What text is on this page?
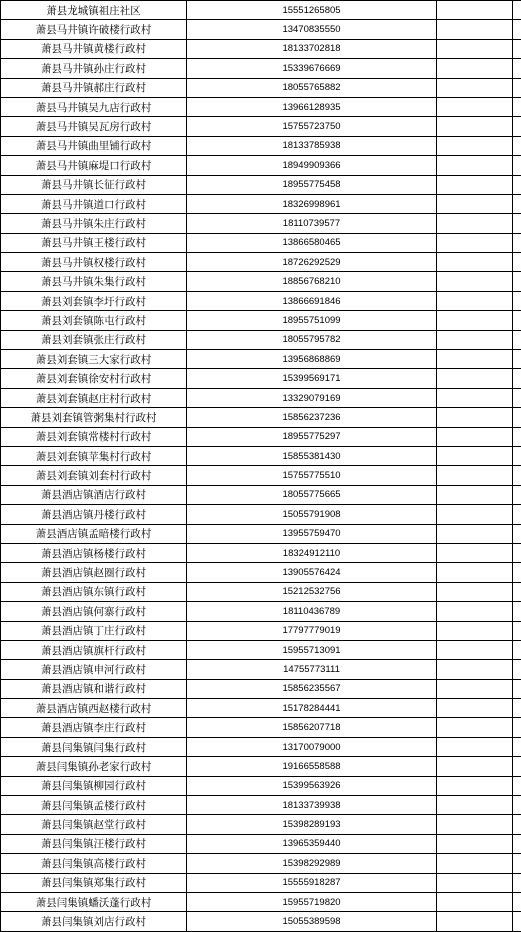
萧县龙城镇祖庄社区	15551265805		
萧县马井镇许破楼行政村	13470835550		
萧县马井镇黄楼行政村	18133702818		
萧县马井镇孙庄行政村	15339676669		
萧县马井镇郝庄行政村	18055765882		
萧县马井镇吴九店行政村	13966128935		
萧县马井镇吴瓦房行政村	15755723750		
萧县马井镇曲里铺行政村	18133785938		
萧县马井镇麻堤口行政村	18949909366		
萧县马井镇长征行政村	18955775458		
萧县马井镇道口行政村	18326998961		
萧县马井镇朱庄行政村	18110739577		
萧县马井镇王楼行政村	13866580465		
萧县马井镇权楼行政村	18726292529		
萧县马井镇朱集行政村	18856768210		
萧县刘套镇李圩行政村	13866691846		
萧县刘套镇陈屯行政村	18955751099		
萧县刘套镇张庄行政村	18055795782		
萧县刘套镇三大家行政村	13956868869		
萧县刘套镇徐安村行政村	15399569171		
萧县刘套镇赵庄村行政村	13329079169		
萧县刘套镇管粥集村行政村	15856237236		
萧县刘套镇常楼村行政村	18955775297		
萧县刘套镇苹集村行政村	15855381430		
萧县刘套镇刘套村行政村	15755775510		
萧县酒店镇酒店行政村	18055775665		
萧县酒店镇丹楼行政村	15055791908		
萧县酒店镇孟暗楼行政村	13955759470		
萧县酒店镇杨楼行政村	18324912110		
萧县酒店镇赵圈行政村	13905576424		
萧县酒店镇东镇行政村	15212532756		
萧县酒店镇何寨行政村	18110436789		
萧县酒店镇丁庄行政村	17797779019		
萧县酒店镇旗杆行政村	15955713091		
萧县酒店镇申河行政村	14755773111		
萧县酒店镇和谐行政村	15856235567		
萧县酒店镇西赵楼行政村	15178284441		
萧县酒店镇李庄行政村	15856207718		
萧县闫集镇闫集行政村	13170079000		
萧县闫集镇孙老家行政村	19166558588		
萧县闫集镇柳园行政村	15399563926		
萧县闫集镇孟楼行政村	18133739938		
萧县闫集镇赵堂行政村	15398289193		
萧县闫集镇汪楼行政村	13965359440		
萧县闫集镇高楼行政村	15398292989		
萧县闫集镇郑集行政村	15555918287		
萧县闫集镇蟠沃蓬行政村	15955719820		
萧县闫集镇刘店行政村	15055389598		
